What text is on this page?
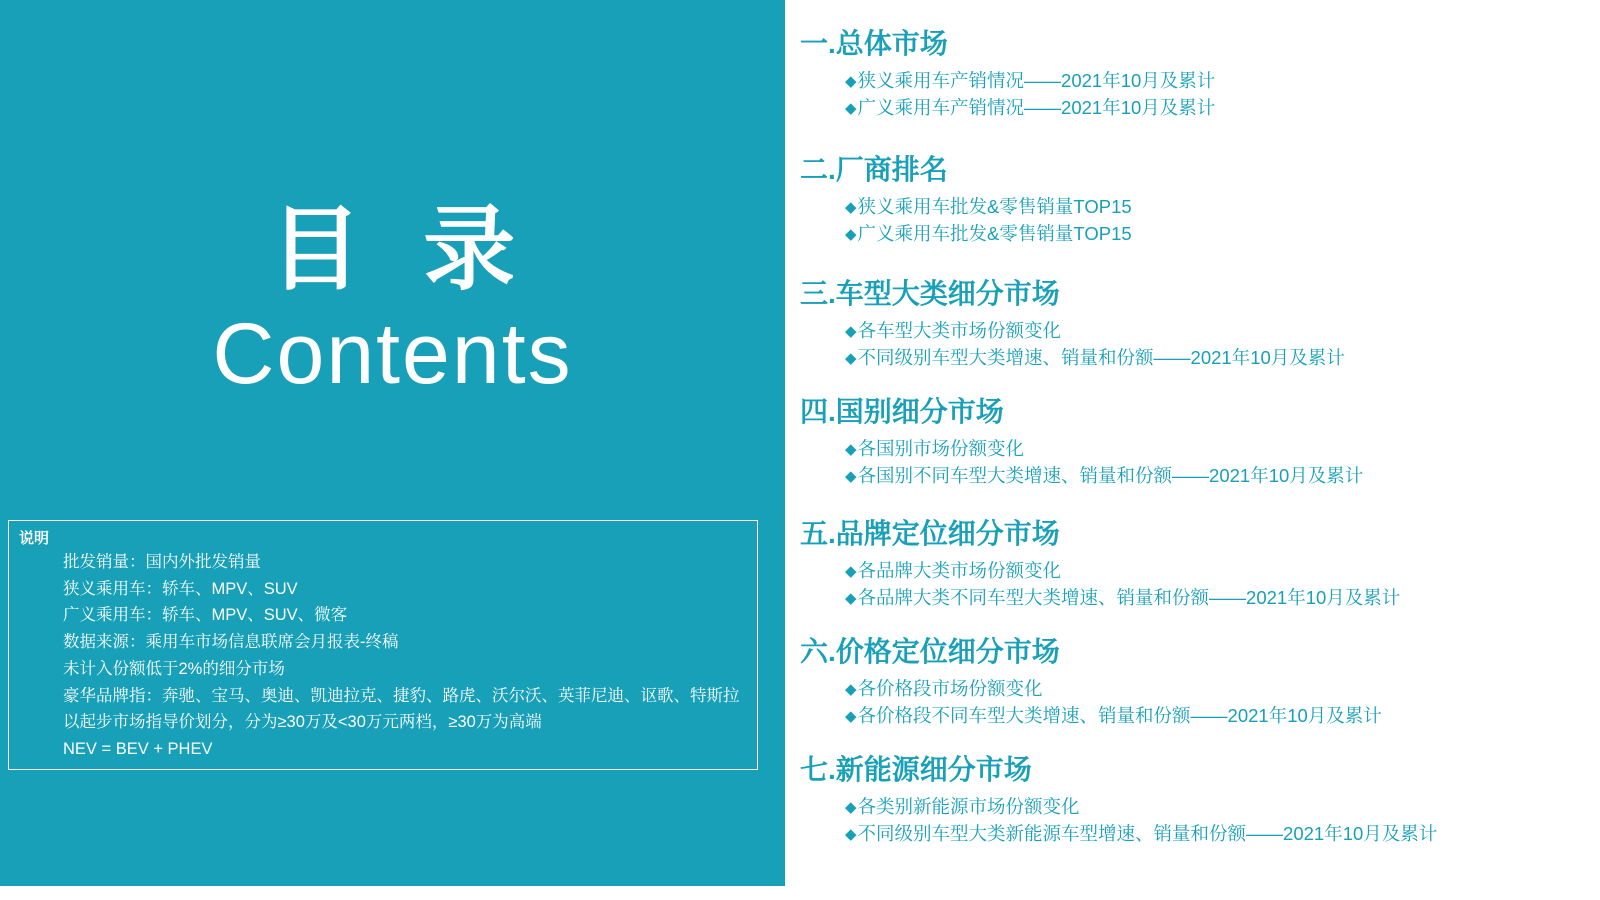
目 录
Contents
说明
批发销量：国内外批发销量
狭义乘用车：轿车、MPV、SUV
广义乘用车：轿车、MPV、SUV、微客
数据来源：乘用车市场信息联席会月报表-终稿
未计入份额低于2%的细分市场
豪华品牌指：奔驰、宝马、奥迪、凯迪拉克、捷豹、路虎、沃尔沃、英菲尼迪、讴歌、特斯拉
以起步市场指导价划分，分为≥30万及<30万元两档，≥30万为高端
NEV = BEV + PHEV
一.总体市场
◆狭义乘用车产销情况——2021年10月及累计
◆广义乘用车产销情况——2021年10月及累计
二.厂商排名
◆狭义乘用车批发&零售销量TOP15
◆广义乘用车批发&零售销量TOP15
三.车型大类细分市场
◆各车型大类市场份额变化
◆不同级别车型大类增速、销量和份额——2021年10月及累计
四.国别细分市场
◆各国别市场份额变化
◆各国别不同车型大类增速、销量和份额——2021年10月及累计
五.品牌定位细分市场
◆各品牌大类市场份额变化
◆各品牌大类不同车型大类增速、销量和份额——2021年10月及累计
六.价格定位细分市场
◆各价格段市场份额变化
◆各价格段不同车型大类增速、销量和份额——2021年10月及累计
七.新能源细分市场
◆各类别新能源市场份额变化
◆不同级别车型大类新能源车型增速、销量和份额——2021年10月及累计
